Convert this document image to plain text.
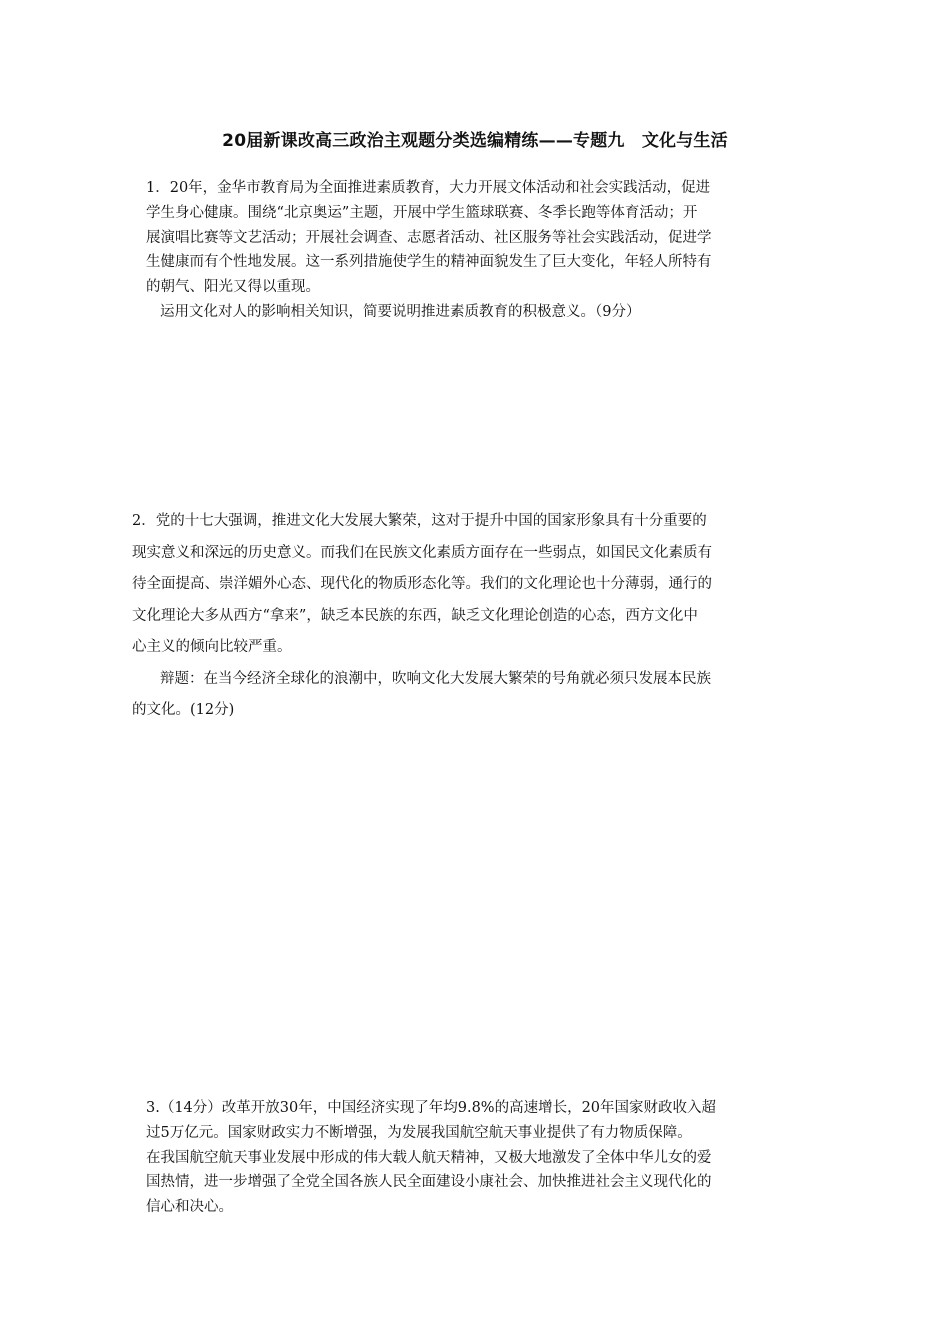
20届新课改高三政治主观题分类选编精练——专题九　文化与生活
1．20年，金华市教育局为全面推进素质教育，大力开展文体活动和社会实践活动，促进
学生身心健康。围绕“北京奥运”主题，开展中学生篮球联赛、冬季长跑等体育活动；开
展演唱比赛等文艺活动；开展社会调查、志愿者活动、社区服务等社会实践活动，促进学
生健康而有个性地发展。这一系列措施使学生的精神面貌发生了巨大变化，年轻人所特有
的朝气、阳光又得以重现。
运用文化对人的影响相关知识，简要说明推进素质教育的积极意义。（9分）
2．党的十七大强调，推进文化大发展大繁荣，这对于提升中国的国家形象具有十分重要的
现实意义和深远的历史意义。而我们在民族文化素质方面存在一些弱点，如国民文化素质有
待全面提高、崇洋媚外心态、现代化的物质形态化等。我们的文化理论也十分薄弱，通行的
文化理论大多从西方“拿来”，缺乏本民族的东西，缺乏文化理论创造的心态，西方文化中
心主义的倾向比较严重。
辩题：在当今经济全球化的浪潮中，吹响文化大发展大繁荣的号角就必须只发展本民族
的文化。(12分)
3.（14分）改革开放30年，中国经济实现了年均9.8%的高速增长，20年国家财政收入超
过5万亿元。国家财政实力不断增强，为发展我国航空航天事业提供了有力物质保障。
在我国航空航天事业发展中形成的伟大载人航天精神，又极大地激发了全体中华儿女的爱
国热情，进一步增强了全党全国各族人民全面建设小康社会、加快推进社会主义现代化的
信心和决心。
